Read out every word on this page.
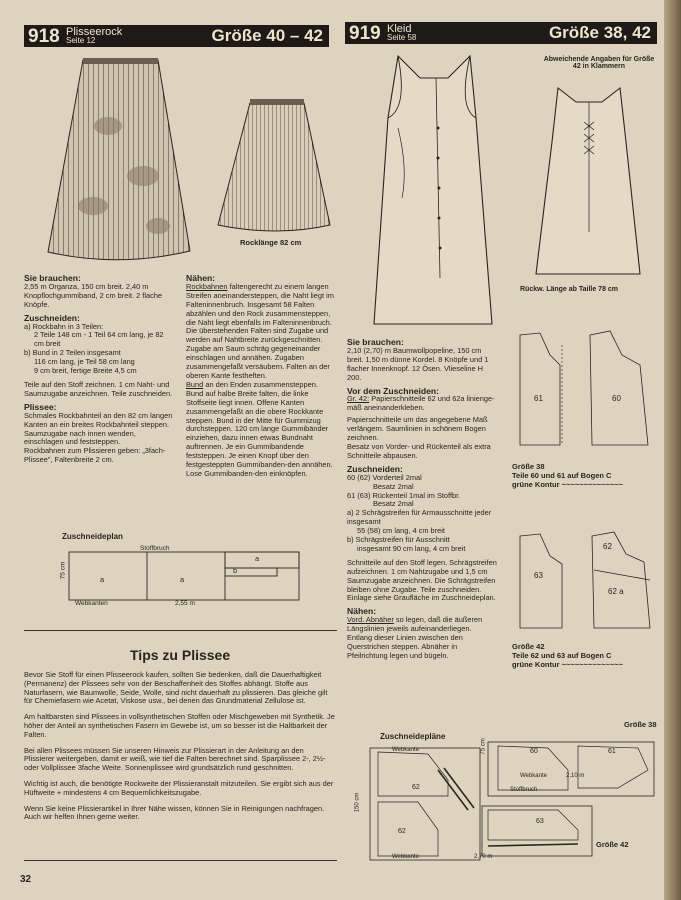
918 Plisseerock
Seite 12	Größe 40 – 42 919 Kleid
Seite 58	Größe 38, 42
Rocklänge 82 cm

Sie brauchen:

2,55 m Organza, 150 cm breit. 2,40 m Knopflochgummiband, 2 cm breit. 2 flache Knöpfe.

Zuschneiden:

a) Rockbahn in 3 Teilen:

2 Teile 148 cm - 1 Teil 64 cm lang, je 82 cm breit

b) Bund in 2 Teilen insgesamt

116 cm lang, je Teil 58 cm lang

9 cm breit, fertige Breite 4,5 cm

Teile auf den Stoff zeichnen. 1 cm Naht- und Saumzugabe anzeichnen. Teile zuschneiden.

Plissee:

Schmales Rockbahnteil an den 82 cm langen Kanten an ein breites Rockbahnteil steppen. Saumzugabe nach innen wenden, einschlagen und feststeppen.

Rockbahnen zum Plissieren geben: „3fach-Plissee", Faltenbreite 2 cm.

Nähen:

Rockbahnen faltengerecht zu einem langen Streifen aneinandersteppen, die Naht liegt im Falteninnenbruch. Insgesamt 58 Falten abzählen und den Rock zusammensteppen, die Naht liegt ebenfalls im Falteninnenbruch. Die überstehenden Falten sind Zugabe und werden auf Nahtbreite zurückgeschnitten. Zugabe am Saum schräg gegeneinander einschlagen und annähen. Zugaben zusammengefaßt versäubern. Falten an der oberen Kante festheften.

Bund an den Enden zusammensteppen. Bund auf halbe Breite falten, die linke Stoffseite liegt innen. Offene Kanten zusammengefaßt an die obere Rockkante steppen. Bund in der Mitte für Gummizug durchsteppen. 120 cm lange Gummibänder einziehen, dazu innen etwas Bundnaht auftrennen. Je ein Gummibandende feststeppen. Je einen Knopf über den festgesteppten Gummibanden-den annähen. Lose Gummibanden-den einknöpfen.

Zuschneideplan
Stoffbruch
a	a
a
b
75 cm
Webkanten	2,55 m
Tips zu Plissee

Bevor Sie Stoff für einen Plisseerock kaufen, sollten Sie bedenken, daß die Dauerhaftigkeit (Permanenz) der Plissees sehr von der Beschaffenheit des Stoffes abhängt. Stoffe aus Naturfasern, wie Baumwolle, Seide, Wolle, sind nicht dauerhaft zu plissieren. Das gleiche gilt für Chemiefasern wie Acetat, Viskose usw., bei denen das Grundmaterial Zellulose ist.

Am haltbarsten sind Plissees in vollsynthetischen Stoffen oder Mischgeweben mit Synthetik. Je höher der Anteil an synthetischen Fasern im Gewebe ist, um so besser ist die Haltbarkeit der Falten.

Bei allen Plissees müssen Sie unseren Hinweis zur Plissierart in der Anleitung an den Plissierer weitergeben, damit er weiß, wie tief die Falten berechnet sind. Sparplissee 2-, 2½- oder Vollplissee 3fache Weite. Sonnenplissee wird grundsätzlich rund geschnitten.

Wichtig ist auch, die benötigte Rockweite der Plissieranstalt mitzuteilen. Sie ergibt sich aus der Hüftweite + mindestens 4 cm Bequemlichkeitszugabe.

Wenn Sie keine Plissierartikel in Ihrer Nähe wissen, können Sie in Reinigungen nachfragen. Auch wir helfen Ihnen gerne weiter.

32
Abweichende Angaben für Größe 42 in Klammern
Rückw. Länge ab Taille 78 cm

Sie brauchen:

2,10 (2,70) m Baumwollpopeline, 150 cm breit. 1,50 m dünne Kordel. 8 Knöpfe und 1 flacher Innenknopf. 12 Ösen. Vlieseline H 200.

Vor dem Zuschneiden:

Gr. 42: Papierschnitteile 62 und 62a liniengemäß aneinanderkleben.

Papierschnitteile um das angegebene Maß verlängern. Saumlinien in schönem Bogen zeichnen.

Besatz von Vorder- und Rückenteil als extra Schnitteile abpausen.

Zuschneiden:

60 (62) Vorderteil 2mal

Besatz 2mal

61 (63) Rückenteil 1mal im Stoffbr.

Besatz 2mal

a) 2 Schrägstreifen für Armausschnitte jeder insgesamt

55 (58) cm lang, 4 cm breit

b) Schrägstreifen für Ausschnitt

insgesamt 90 cm lang, 4 cm breit

Schnitteile auf den Stoff legen. Schrägstreifen aufzeichnen. 1 cm Nahtzugabe und 1,5 cm Saumzugabe anzeichnen. Die Schrägstreifen bleiben ohne Zugabe. Teile zuschneiden. Einlage siehe Graufläche im Zuschneideplan.

Nähen:

Vord. Abnäher so legen, daß die äußeren Längslinien jeweils aufeinanderliegen. Entlang dieser Linien zwischen den Querstrichen steppen. Abnäher in Pfeilrichtung legen und bügeln.

61	60
Größe 38
Teile 60 und 61 auf Bogen C
grüne Kontur ~~~~~~~~~~~~~~
63
62
62 a
Größe 42
Teile 62 und 63 auf Bogen C
grüne Kontur ~~~~~~~~~~~~~~
Zuschneidepläne
Webkante
62
62
150 cm
Webkante	2,70 m
60	61
75 cm
Webkante	2,10 m
Größe 38
Stoffbruch
63
Größe 42
